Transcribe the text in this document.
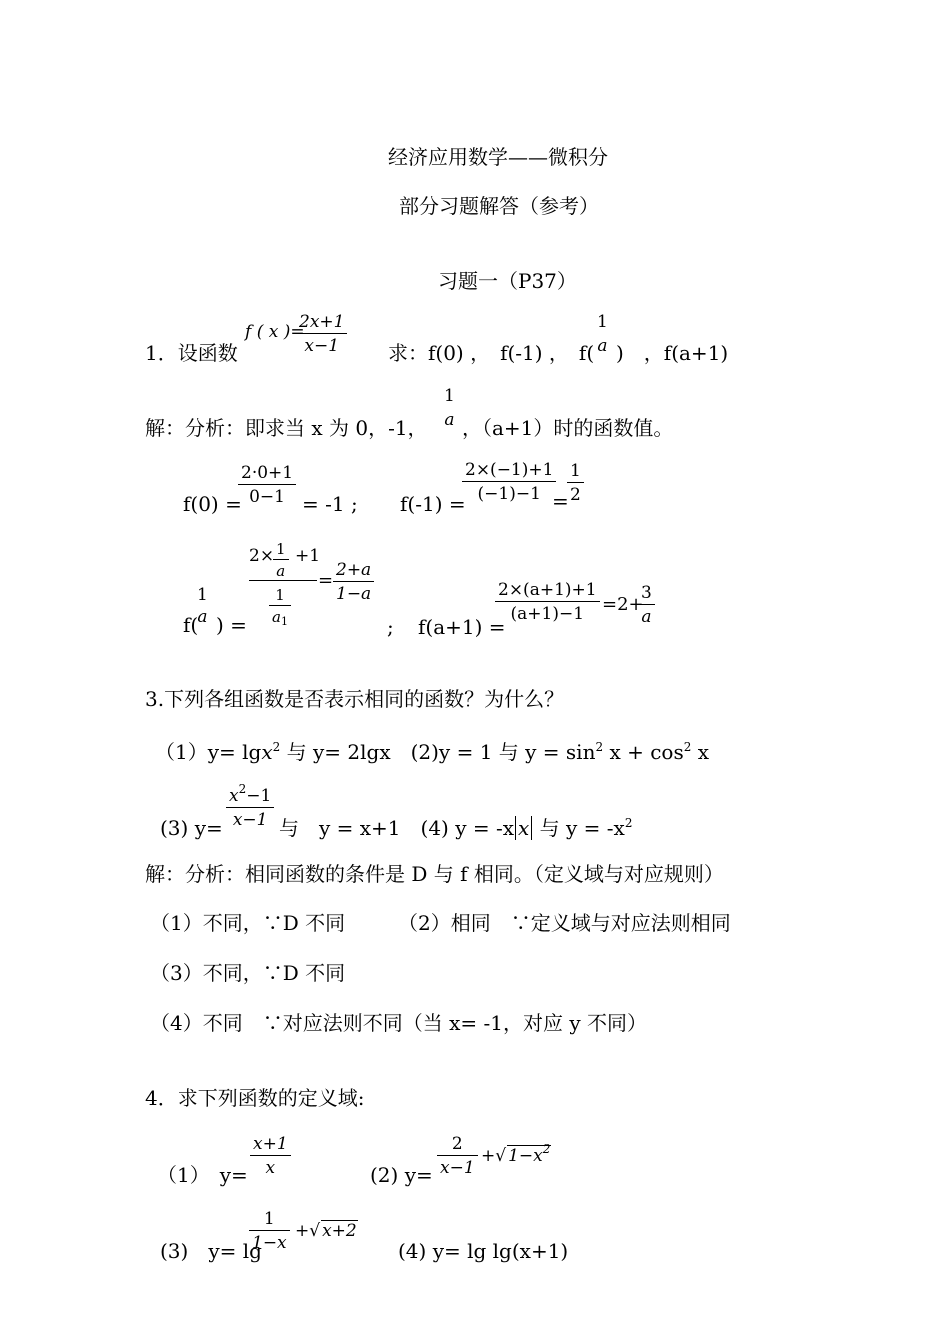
经济应用数学——微积分
部分习题解答（参考）
习题一（P37）
1．设函数
f ( x )=
2x+1
x−1	求：f(0) ，　f(-1) ，　f(
1
a )　，f(a+1)
解：分析：即求当 x 为 0，-1，
1
a ，（a+1）时的函数值。
f(0) =
2·0+1
0−1 = -1 ; f(-1) =
2×(−1)+1
(−1)−1 =
1
2
f(
1
a ) =
2× 1
a
+1
1
$a_1$
= 2+a
1−a
; f(a+1) =
2×(a+1)+1
(a+1)−1 =2+
3
a
3.下列各组函数是否表示相同的函数？为什么？
（1）y= lgx$^2$ 与 y= 2lgx　(2)y = 1 与 $y = \sin^2 x + \cos^2 x$
(3) y=
$x^2-1$
x−1 与　y = x+1　(4) y = -x x 与 $y = -x^2$
解：分析：相同函数的条件是 D 与 f 相同。（定义域与对应规则）
（1）不同，∵D 不同	（2）相同　∵定义域与对应法则相同
（3）不同，∵D 不同
（4）不同　∵对应法则不同（当 x= -1，对应 y 不同）
4．求下列函数的定义域:
（1）　y=
x+1
x	(2) y=
2
x−1
+√ $1-x^2$
(3)　y= lg
1
1−x
+√ x+2
(4) y= lg lg(x+1)
